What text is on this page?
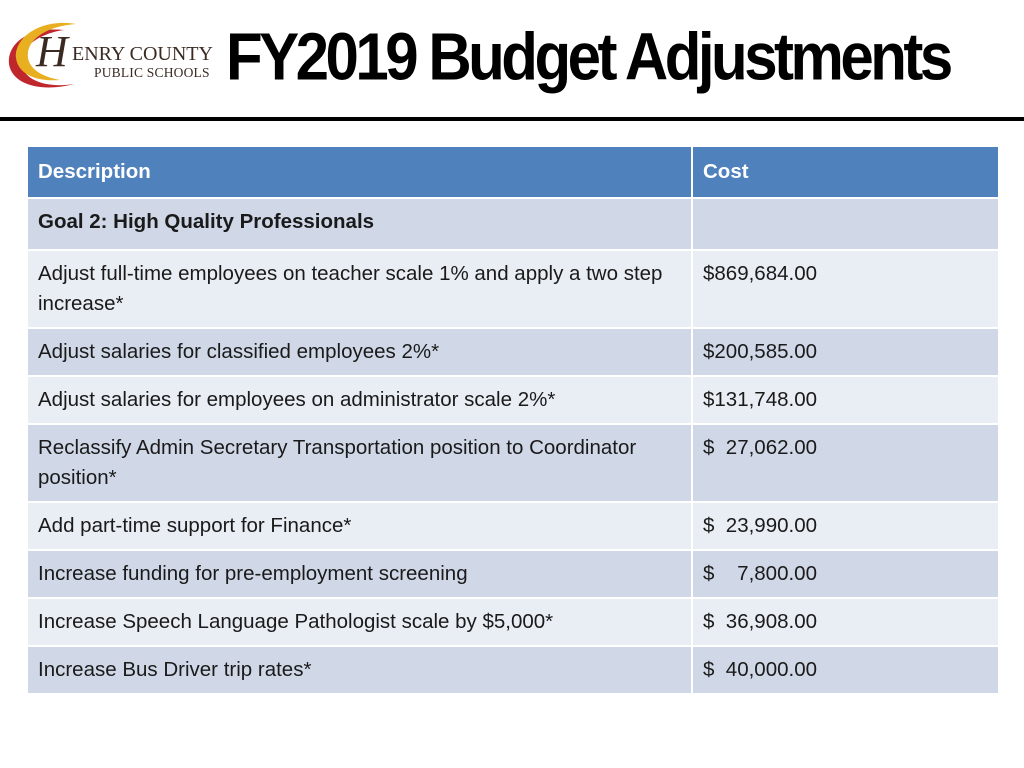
H ENRY COUNTY
PUBLIC SCHOOLS FY2019 Budget Adjustments
Description	Cost
Goal 2: High Quality Professionals	
Adjust full-time employees on teacher scale 1% and apply a two step increase*	$869,684.00
Adjust salaries for classified employees 2%*	$200,585.00
Adjust salaries for employees on administrator scale 2%*	$131,748.00
Reclassify Admin Secretary Transportation position to Coordinator position*	$  27,062.00
Add part-time support for Finance*	$  23,990.00
Increase funding for pre-employment screening	$    7,800.00
Increase Speech Language Pathologist scale by $5,000*	$  36,908.00
Increase Bus Driver trip rates*	$  40,000.00
